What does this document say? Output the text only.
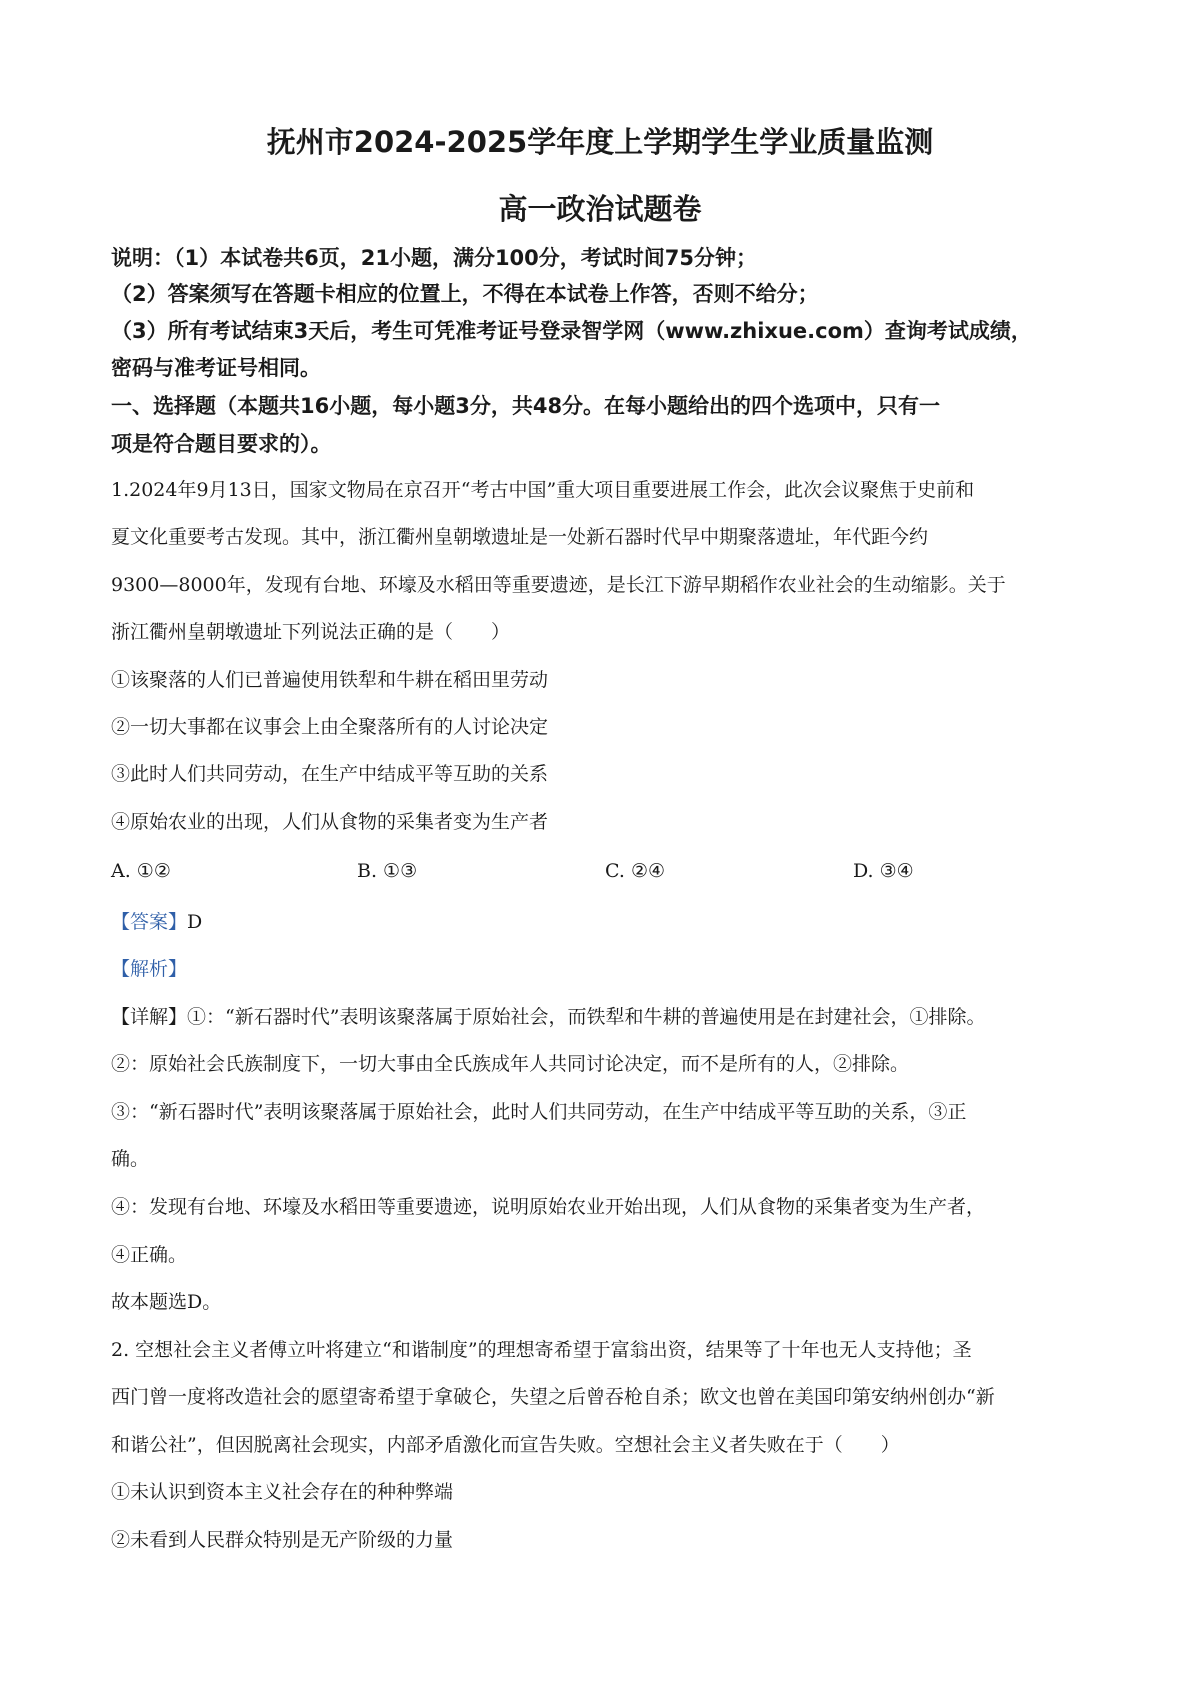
抚州市2024-2025学年度上学期学生学业质量监测
高一政治试题卷
说明：（1）本试卷共6页，21小题，满分100分，考试时间75分钟；
（2）答案须写在答题卡相应的位置上，不得在本试卷上作答，否则不给分；
（3）所有考试结束3天后，考生可凭准考证号登录智学网（www.zhixue.com）查询考试成绩，
密码与准考证号相同。
一、选择题（本题共16小题，每小题3分，共48分。在每小题给出的四个选项中，只有一
项是符合题目要求的）。
1.2024年9月13日，国家文物局在京召开“考古中国”重大项目重要进展工作会，此次会议聚焦于史前和
夏文化重要考古发现。其中，浙江衢州皇朝墩遗址是一处新石器时代早中期聚落遗址，年代距今约
9300—8000年，发现有台地、环壕及水稻田等重要遗迹，是长江下游早期稻作农业社会的生动缩影。关于
浙江衢州皇朝墩遗址下列说法正确的是（　　）
①该聚落的人们已普遍使用铁犁和牛耕在稻田里劳动
②一切大事都在议事会上由全聚落所有的人讨论决定
③此时人们共同劳动，在生产中结成平等互助的关系
④原始农业的出现，人们从食物的采集者变为生产者
A. ①②	B. ①③	C. ②④	D. ③④
【答案】D
【解析】
【详解】①：“新石器时代”表明该聚落属于原始社会，而铁犁和牛耕的普遍使用是在封建社会，①排除。
②：原始社会氏族制度下，一切大事由全氏族成年人共同讨论决定，而不是所有的人，②排除。
③：“新石器时代”表明该聚落属于原始社会，此时人们共同劳动，在生产中结成平等互助的关系，③正
确。
④：发现有台地、环壕及水稻田等重要遗迹，说明原始农业开始出现，人们从食物的采集者变为生产者，
④正确。
故本题选D。
2. 空想社会主义者傅立叶将建立“和谐制度”的理想寄希望于富翁出资，结果等了十年也无人支持他；圣
西门曾一度将改造社会的愿望寄希望于拿破仑，失望之后曾吞枪自杀；欧文也曾在美国印第安纳州创办“新
和谐公社”，但因脱离社会现实，内部矛盾激化而宣告失败。空想社会主义者失败在于（　　）
①未认识到资本主义社会存在的种种弊端
②未看到人民群众特别是无产阶级的力量
